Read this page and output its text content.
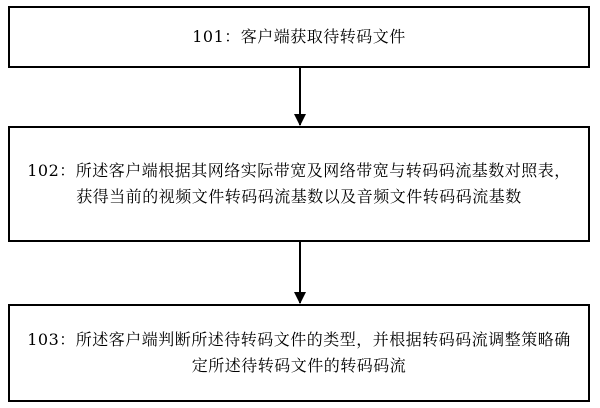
101：客户端获取待转码文件
102：所述客户端根据其网络实际带宽及网络带宽与转码码流基数对照表，获得当前的视频文件转码码流基数以及音频文件转码码流基数
103：所述客户端判断所述待转码文件的类型，并根据转码码流调整策略确定所述待转码文件的转码码流
